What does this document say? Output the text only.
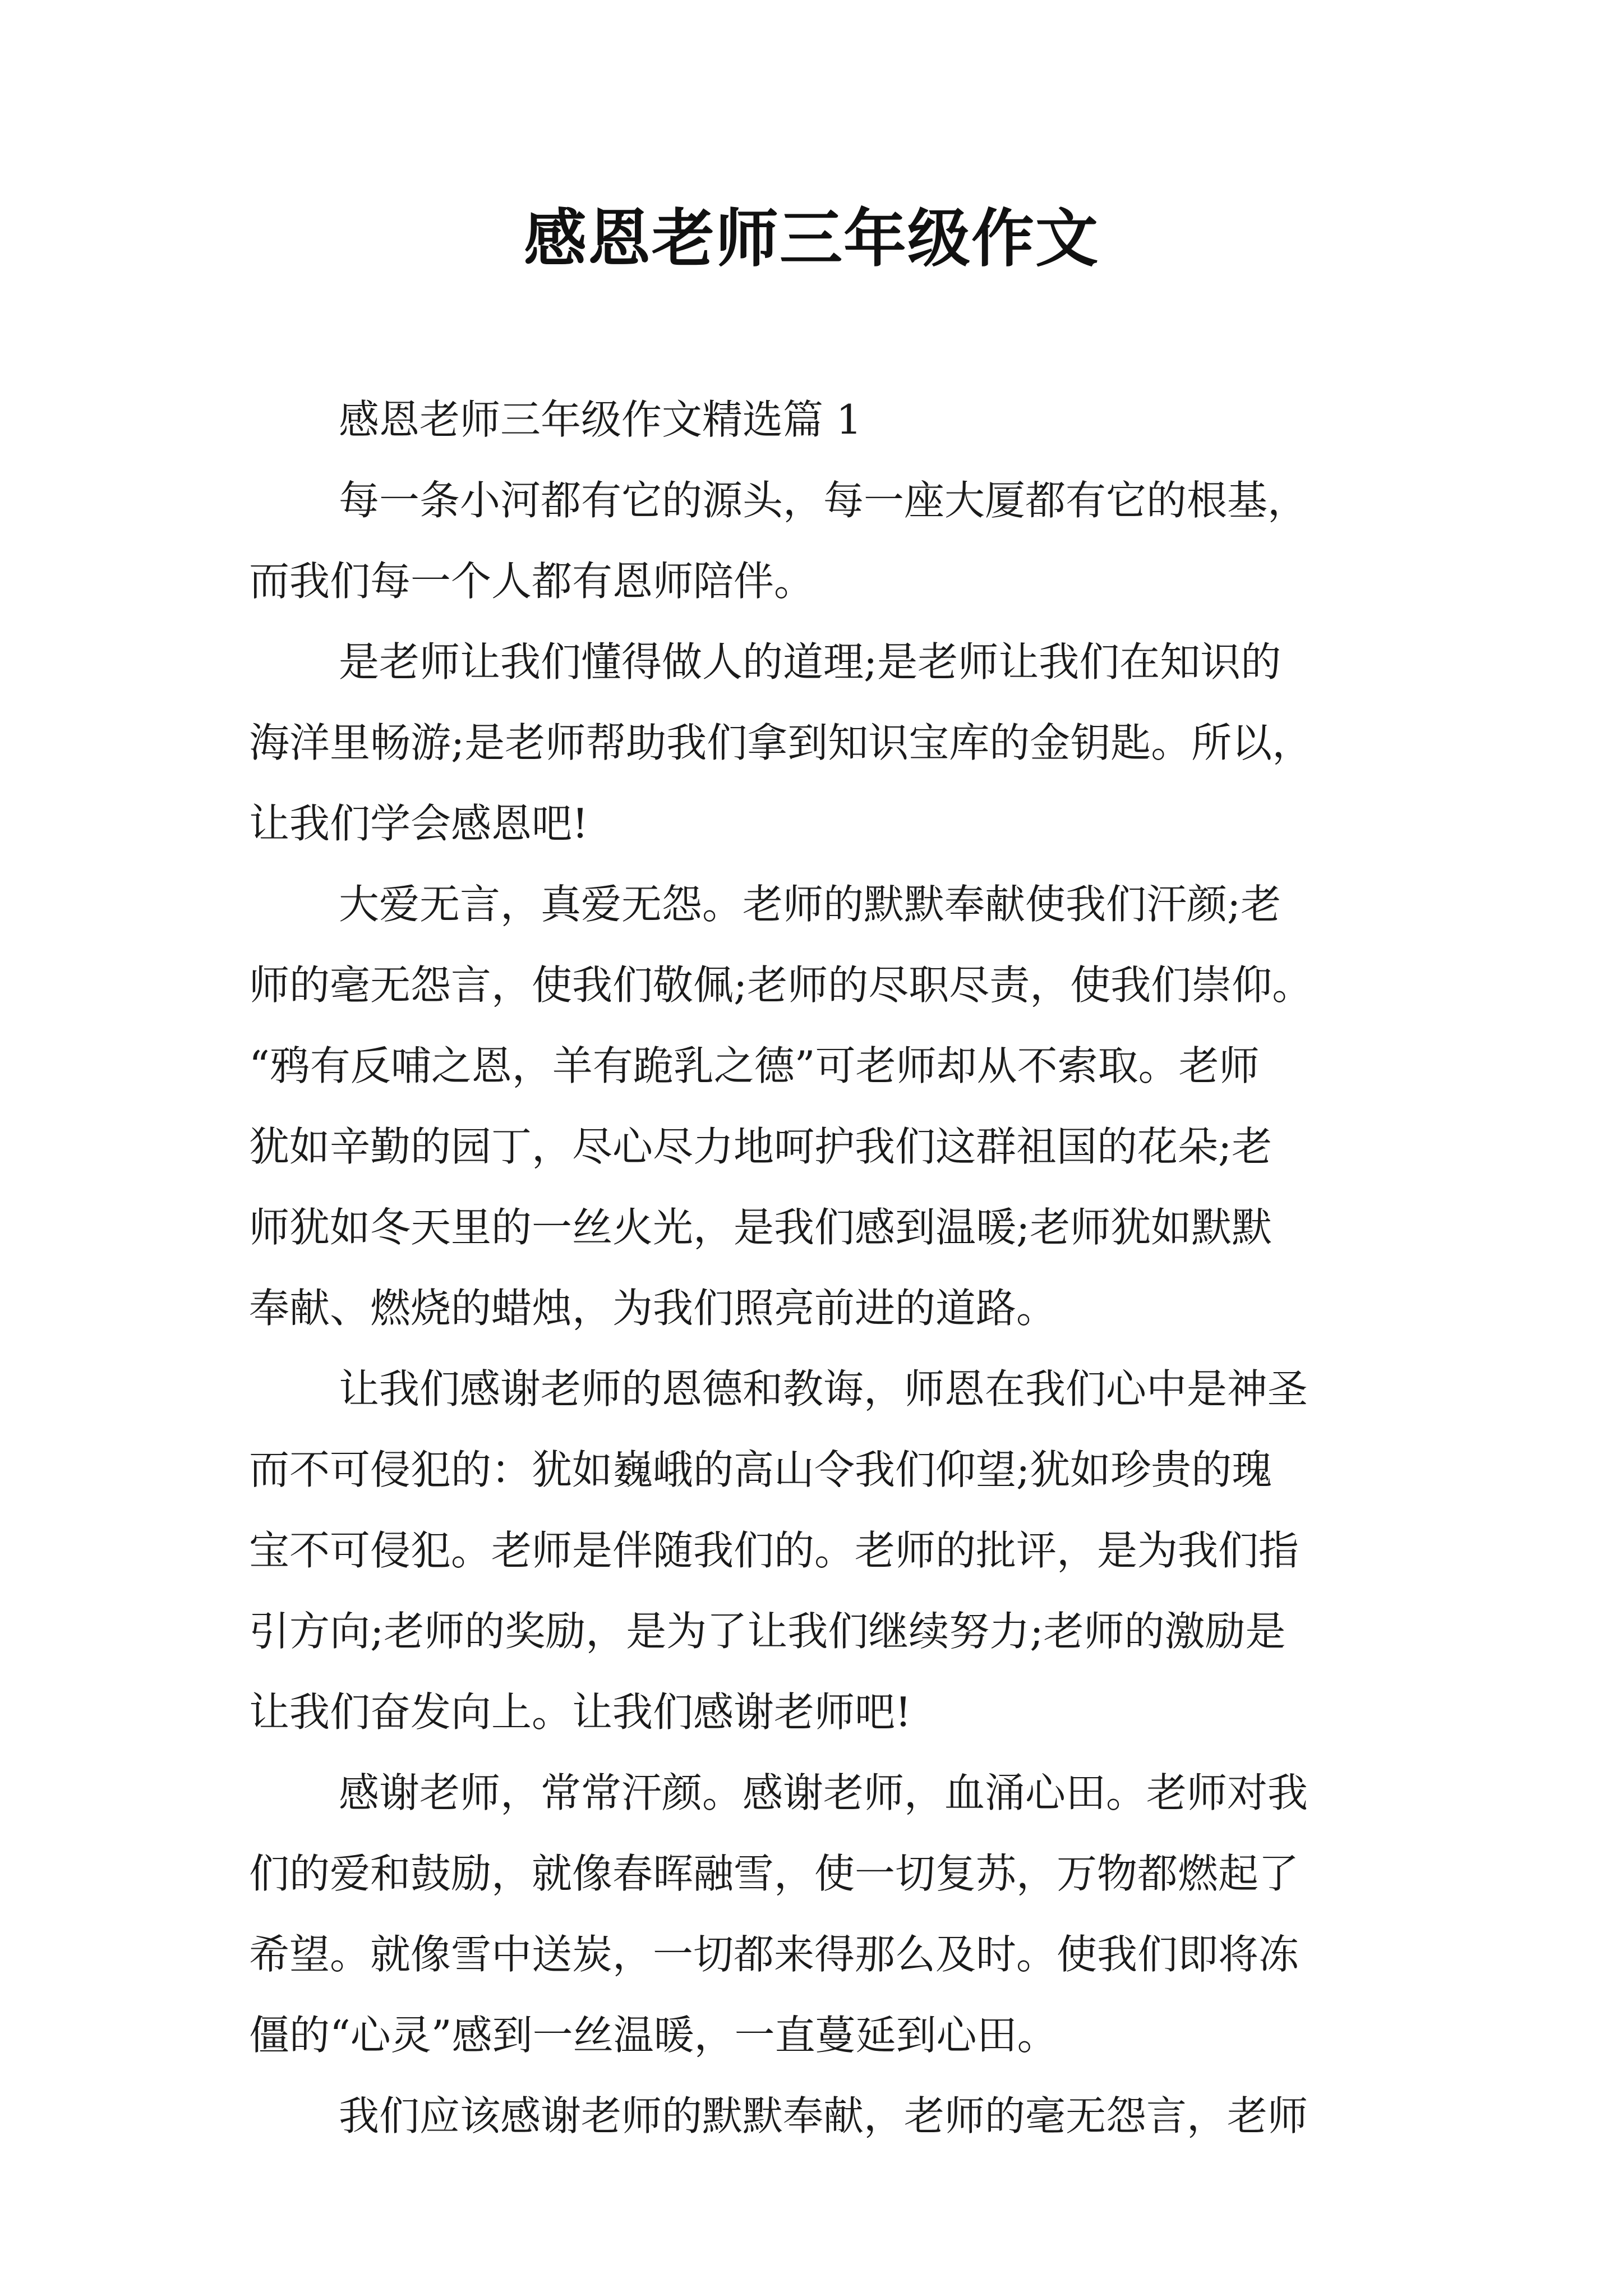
感恩老师三年级作文
感恩老师三年级作文精选篇 1
每一条小河都有它的源头，每一座大厦都有它的根基，
而我们每一个人都有恩师陪伴。
是老师让我们懂得做人的道理;是老师让我们在知识的
海洋里畅游;是老师帮助我们拿到知识宝库的金钥匙。所以，
让我们学会感恩吧!
大爱无言，真爱无怨。老师的默默奉献使我们汗颜;老
师的毫无怨言，使我们敬佩;老师的尽职尽责，使我们崇仰。
“鸦有反哺之恩，羊有跪乳之德”可老师却从不索取。老师
犹如辛勤的园丁，尽心尽力地呵护我们这群祖国的花朵;老
师犹如冬天里的一丝火光，是我们感到温暖;老师犹如默默
奉献、燃烧的蜡烛，为我们照亮前进的道路。
让我们感谢老师的恩德和教诲，师恩在我们心中是神圣
而不可侵犯的：犹如巍峨的高山令我们仰望;犹如珍贵的瑰
宝不可侵犯。老师是伴随我们的。老师的批评，是为我们指
引方向;老师的奖励，是为了让我们继续努力;老师的激励是
让我们奋发向上。让我们感谢老师吧!
感谢老师，常常汗颜。感谢老师，血涌心田。老师对我
们的爱和鼓励，就像春晖融雪，使一切复苏，万物都燃起了
希望。就像雪中送炭，一切都来得那么及时。使我们即将冻
僵的“心灵”感到一丝温暖，一直蔓延到心田。
我们应该感谢老师的默默奉献，老师的毫无怨言，老师
